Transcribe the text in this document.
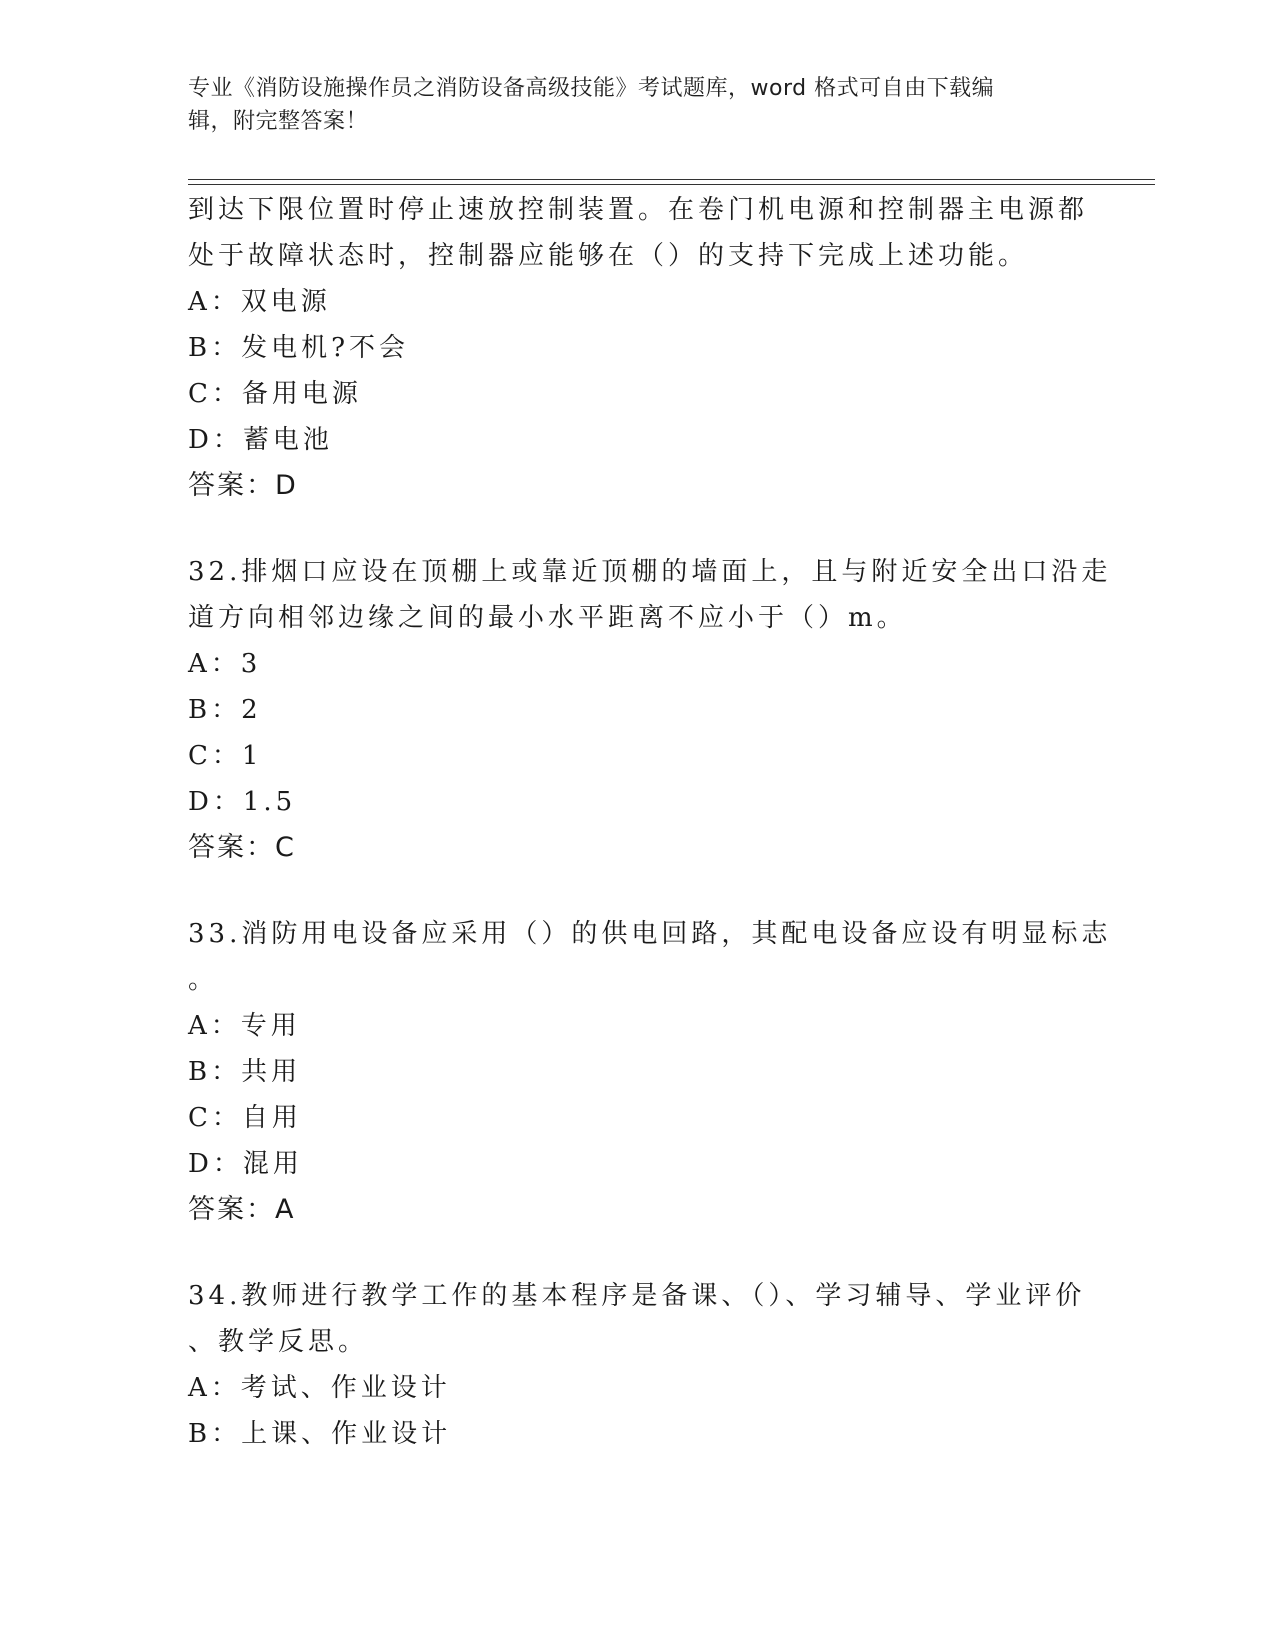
专业《消防设施操作员之消防设备高级技能》考试题库，word 格式可自由下载编
辑，附完整答案！
到达下限位置时停止速放控制装置。在卷门机电源和控制器主电源都
处于故障状态时，控制器应能够在（）的支持下完成上述功能。
A：双电源
B：发电机?不会
C：备用电源
D：蓄电池
答案：D
32.排烟口应设在顶棚上或靠近顶棚的墙面上，且与附近安全出口沿走
道方向相邻边缘之间的最小水平距离不应小于（）m。
A：3
B：2
C：1
D：1.5
答案：C
33.消防用电设备应采用（）的供电回路，其配电设备应设有明显标志
。
A：专用
B：共用
C：自用
D：混用
答案：A
34.教师进行教学工作的基本程序是备课、（）、学习辅导、学业评价
、教学反思。
A：考试、作业设计
B：上课、作业设计
